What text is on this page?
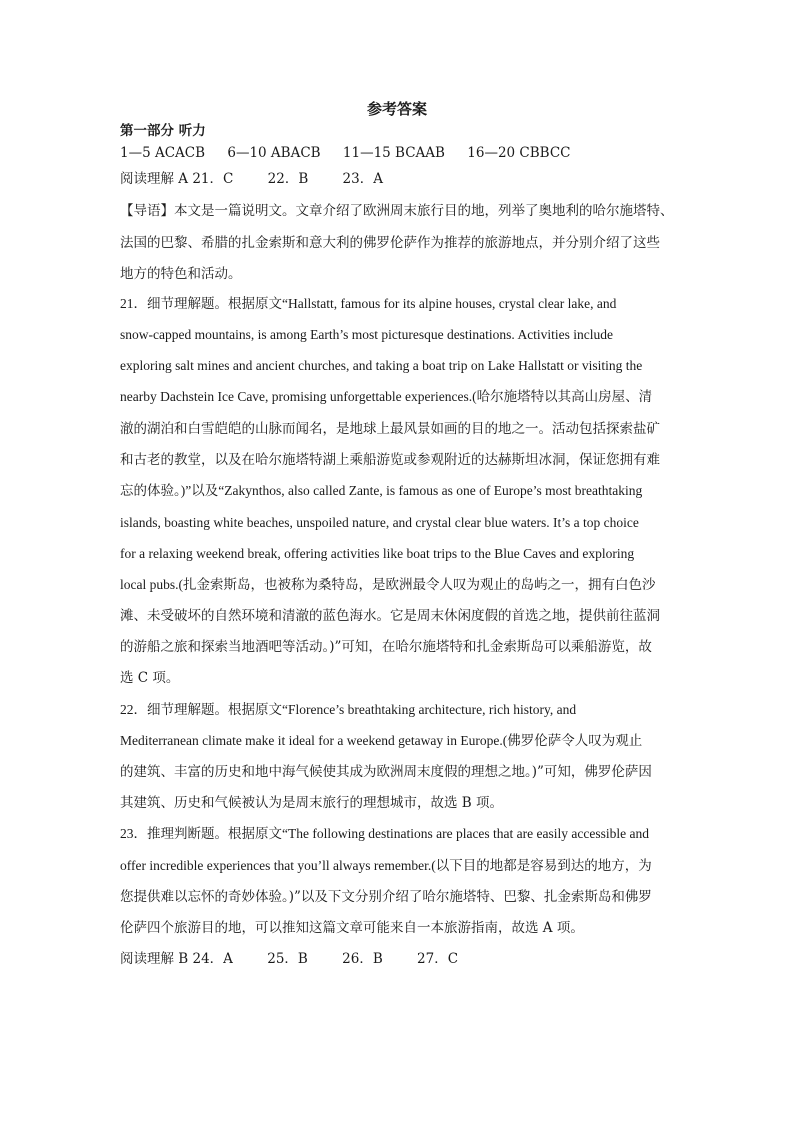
参考答案
第一部分 听力
1—5 ACACB 6—10 ABACB 11—15 BCAAB 16—20 CBBCC
阅读理解 A 21．C	22．B	23．A
【导语】本文是一篇说明文。文章介绍了欧洲周末旅行目的地，列举了奥地利的哈尔施塔特、
法国的巴黎、希腊的扎金索斯和意大利的佛罗伦萨作为推荐的旅游地点，并分别介绍了这些
地方的特色和活动。
21．细节理解题。根据原文“Hallstatt, famous for its alpine houses, crystal clear lake, and
snow-capped mountains, is among Earth’s most picturesque destinations. Activities include
exploring salt mines and ancient churches, and taking a boat trip on Lake Hallstatt or visiting the
nearby Dachstein Ice Cave, promising unforgettable experiences.(哈尔施塔特以其高山房屋、清
澈的湖泊和白雪皑皑的山脉而闻名，是地球上最风景如画的目的地之一。活动包括探索盐矿
和古老的教堂，以及在哈尔施塔特湖上乘船游览或参观附近的达赫斯坦冰洞，保证您拥有难
忘的体验。)”以及“Zakynthos, also called Zante, is famous as one of Europe’s most breathtaking
islands, boasting white beaches, unspoiled nature, and crystal clear blue waters. It’s a top choice
for a relaxing weekend break, offering activities like boat trips to the Blue Caves and exploring
local pubs.(扎金索斯岛，也被称为桑特岛，是欧洲最令人叹为观止的岛屿之一，拥有白色沙
滩、未受破坏的自然环境和清澈的蓝色海水。它是周末休闲度假的首选之地，提供前往蓝洞
的游船之旅和探索当地酒吧等活动。)”可知，在哈尔施塔特和扎金索斯岛可以乘船游览，故
选 C 项。
22．细节理解题。根据原文“Florence’s breathtaking architecture, rich history, and
Mediterranean climate make it ideal for a weekend getaway in Europe.(佛罗伦萨令人叹为观止
的建筑、丰富的历史和地中海气候使其成为欧洲周末度假的理想之地。)”可知，佛罗伦萨因
其建筑、历史和气候被认为是周末旅行的理想城市，故选 B 项。
23．推理判断题。根据原文“The following destinations are places that are easily accessible and
offer incredible experiences that you’ll always remember.(以下目的地都是容易到达的地方，为
您提供难以忘怀的奇妙体验。)”以及下文分别介绍了哈尔施塔特、巴黎、扎金索斯岛和佛罗
伦萨四个旅游目的地，可以推知这篇文章可能来自一本旅游指南，故选 A 项。
阅读理解 B 24．A	25．B	26．B	27．C
